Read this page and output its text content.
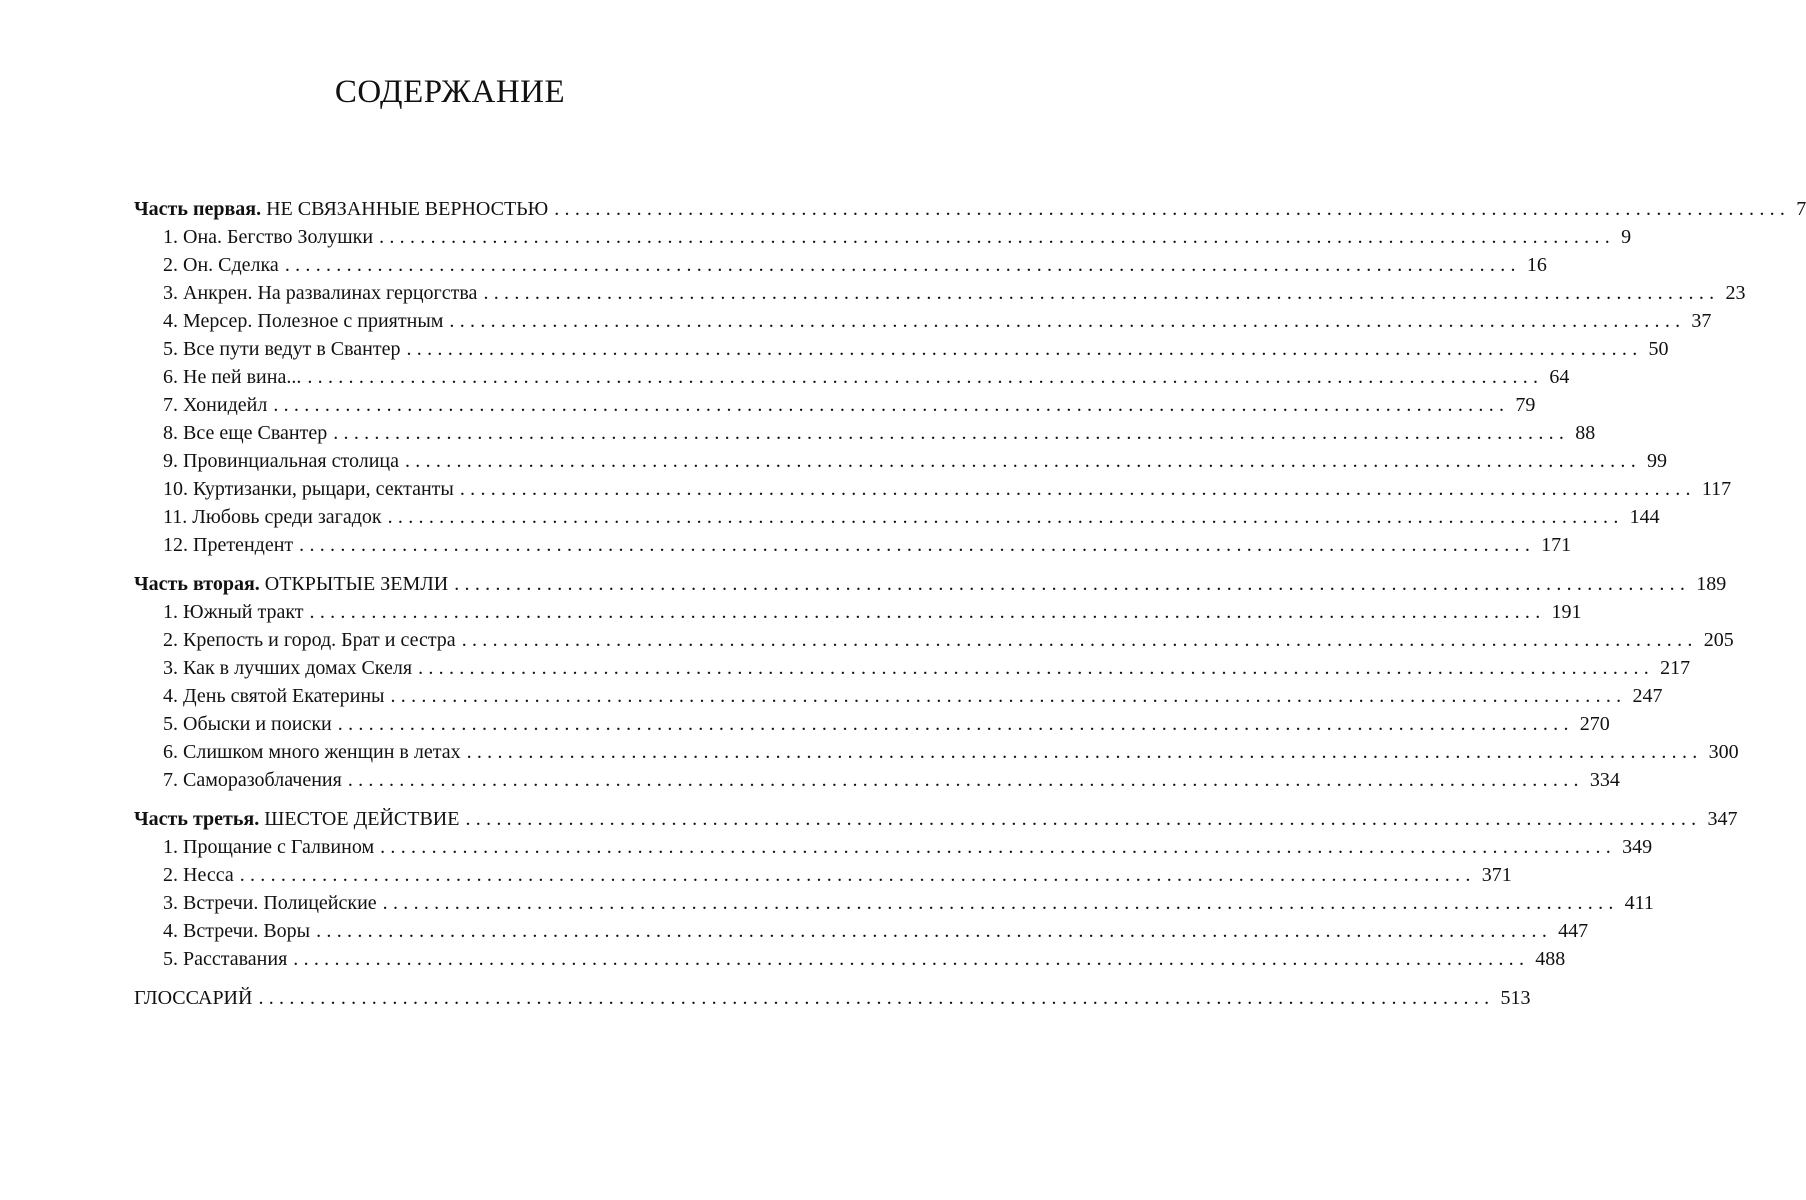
СОДЕРЖАНИЕ
Часть первая. НЕ СВЯЗАННЫЕ ВЕРНОСТЬЮ ........................................................................................................................ 7
1. Она. Бегство Золушки ........................................................................................................................ 9
2. Он. Сделка ........................................................................................................................ 16
3. Анкрен. На развалинах герцогства ........................................................................................................................ 23
4. Мерсер. Полезное с приятным ........................................................................................................................ 37
5. Все пути ведут в Свантер ........................................................................................................................ 50
6. Не пей вина... ........................................................................................................................ 64
7. Хонидейл ........................................................................................................................ 79
8. Все еще Свантер ........................................................................................................................ 88
9. Провинциальная столица ........................................................................................................................ 99
10. Куртизанки, рыцари, сектанты ........................................................................................................................ 117
11. Любовь среди загадок ........................................................................................................................ 144
12. Претендент ........................................................................................................................ 171
Часть вторая. ОТКРЫТЫЕ ЗЕМЛИ ........................................................................................................................ 189
1. Южный тракт ........................................................................................................................ 191
2. Крепость и город. Брат и сестра ........................................................................................................................ 205
3. Как в лучших домах Скеля ........................................................................................................................ 217
4. День святой Екатерины ........................................................................................................................ 247
5. Обыски и поиски ........................................................................................................................ 270
6. Слишком много женщин в летах ........................................................................................................................ 300
7. Саморазоблачения ........................................................................................................................ 334
Часть третья. ШЕСТОЕ ДЕЙСТВИЕ ........................................................................................................................ 347
1. Прощание с Галвином ........................................................................................................................ 349
2. Несса ........................................................................................................................ 371
3. Встречи. Полицейские ........................................................................................................................ 411
4. Встречи. Воры ........................................................................................................................ 447
5. Расставания ........................................................................................................................ 488
ГЛОССАРИЙ ........................................................................................................................ 513
